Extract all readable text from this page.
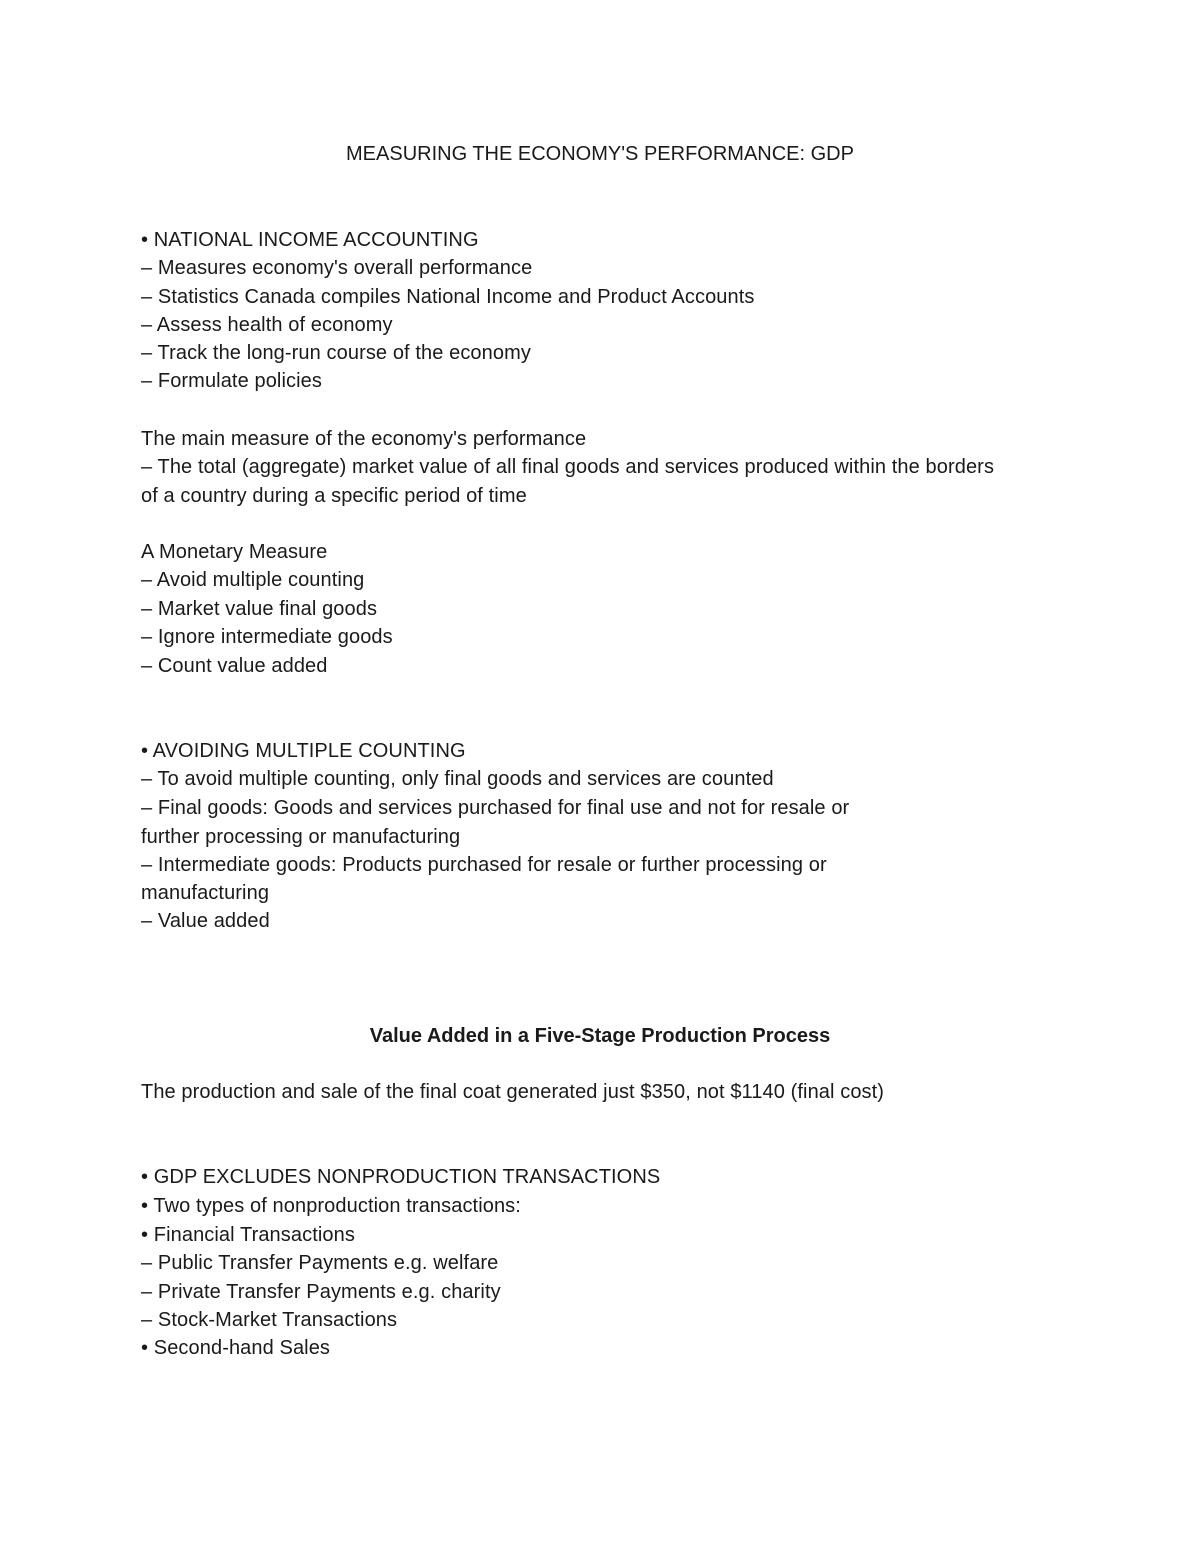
MEASURING THE ECONOMY'S PERFORMANCE: GDP
• NATIONAL INCOME ACCOUNTING
– Measures economy's overall performance
– Statistics Canada compiles National Income and Product Accounts
– Assess health of economy
– Track the long-run course of the economy
– Formulate policies
The main measure of the economy's performance
– The total (aggregate) market value of all final goods and services produced within the borders
of a country during a specific period of time
A Monetary Measure
– Avoid multiple counting
– Market value final goods
– Ignore intermediate goods
– Count value added
• AVOIDING MULTIPLE COUNTING
– To avoid multiple counting, only final goods and services are counted
– Final goods: Goods and services purchased for final use and not for resale or
further processing or manufacturing
– Intermediate goods: Products purchased for resale or further processing or
manufacturing
– Value added
Value Added in a Five-Stage Production Process
The production and sale of the final coat generated just $350, not $1140 (final cost)
• GDP EXCLUDES NONPRODUCTION TRANSACTIONS
• Two types of nonproduction transactions:
• Financial Transactions
– Public Transfer Payments e.g. welfare
– Private Transfer Payments e.g. charity
– Stock-Market Transactions
• Second-hand Sales
